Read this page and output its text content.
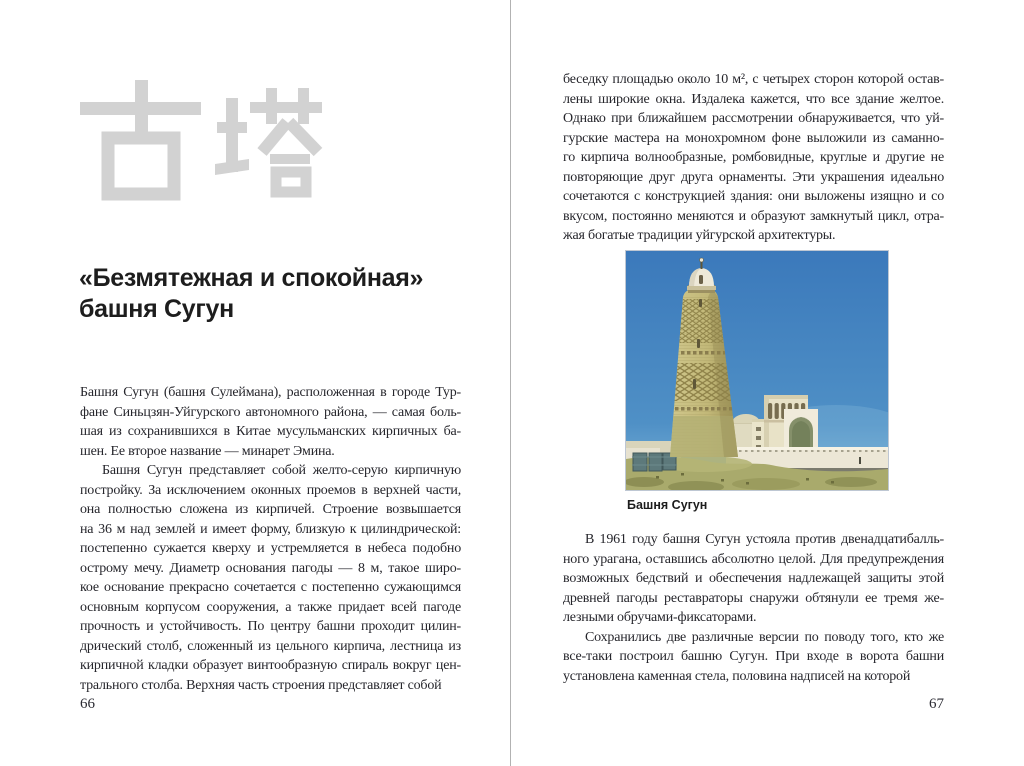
«Безмятежная и спокойная»
башня Сугун
Башня Сугун (башня Сулеймана), расположенная в городе Тур-
фане Синьцзян-Уйгурского автономного района, — самая боль-
шая из сохранившихся в Китае мусульманских кирпичных ба-
шен. Ее второе название — минарет Эмина.
Башня Сугун представляет собой желто-серую кирпичную
постройку. За исключением оконных проемов в верхней части,
она полностью сложена из кирпичей. Строение возвышается
на 36 м над землей и имеет форму, близкую к цилиндрической:
постепенно сужается кверху и устремляется в небеса подобно
острому мечу. Диаметр основания пагоды — 8 м, такое широ-
кое основание прекрасно сочетается с постепенно сужающимся
основным корпусом сооружения, а также придает всей пагоде
прочность и устойчивость. По центру башни проходит цилин-
дрический столб, сложенный из цельного кирпича, лестница из
кирпичной кладки образует винтообразную спираль вокруг цен-
трального столба. Верхняя часть строения представляет собой
66
беседку площадью около 10 м², с четырех сторон которой остав-
лены широкие окна. Издалека кажется, что все здание желтое.
Однако при ближайшем рассмотрении обнаруживается, что уй-
гурские мастера на монохромном фоне выложили из саманно-
го кирпича волнообразные, ромбовидные, круглые и другие не
повторяющие друг друга орнаменты. Эти украшения идеально
сочетаются с конструкцией здания: они выложены изящно и со
вкусом, постоянно меняются и образуют замкнутый цикл, отра-
жая богатые традиции уйгурской архитектуры.
Башня Сугун
В 1961 году башня Сугун устояла против двенадцатибалль-
ного урагана, оставшись абсолютно целой. Для предупреждения
возможных бедствий и обеспечения надлежащей защиты этой
древней пагоды реставраторы снаружи обтянули ее тремя же-
лезными обручами-фиксаторами.
Сохранились две различные версии по поводу того, кто же
все-таки построил башню Сугун. При входе в ворота башни
установлена каменная стела, половина надписей на которой
67
